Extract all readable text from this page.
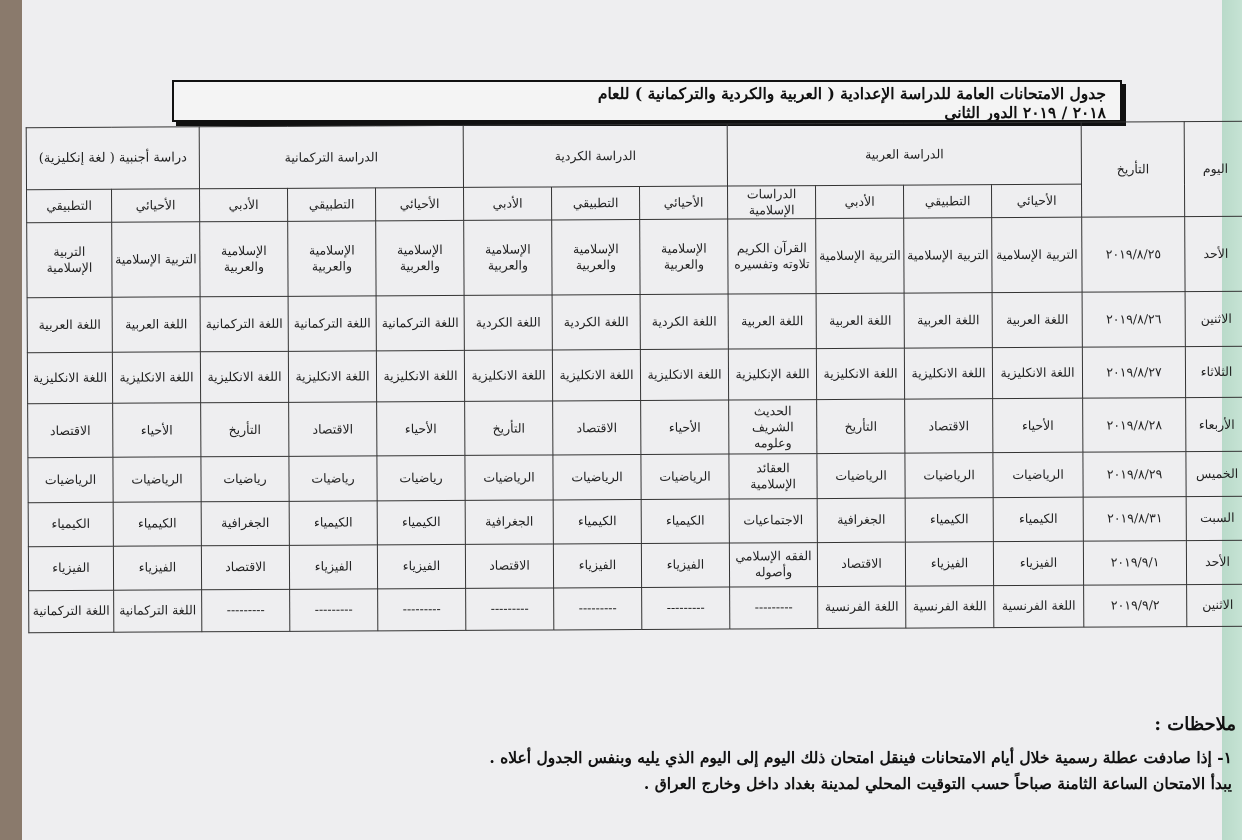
جدول الامتحانات العامة للدراسة الإعدادية ( العربية والكردية والتركمانية ) للعام
٢٠١٨ / ٢٠١٩ الدور الثاني
اليوم	التأريخ	الدراسة العربية				الدراسة الكردية			الدراسة التركمانية			دراسة أجنبية ( لغة إنكليزية)	
		الأحيائي	التطبيقي	الأدبي	الدراسات الإسلامية	الأحيائي	التطبيقي	الأدبي	الأحيائي	التطبيقي	الأدبي	الأحيائي	التطبيقي
الأحد	٢٠١٩/٨/٢٥	التربية الإسلامية	التربية الإسلامية	التربية الإسلامية	القرآن الكريم تلاوته وتفسيره	الإسلامية والعربية	الإسلامية والعربية	الإسلامية والعربية	الإسلامية والعربية	الإسلامية والعربية	الإسلامية والعربية	التربية الإسلامية	التربية الإسلامية
الاثنين	٢٠١٩/٨/٢٦	اللغة العربية	اللغة العربية	اللغة العربية	اللغة العربية	اللغة الكردية	اللغة الكردية	اللغة الكردية	اللغة التركمانية	اللغة التركمانية	اللغة التركمانية	اللغة العربية	اللغة العربية
الثلاثاء	٢٠١٩/٨/٢٧	اللغة الانكليزية	اللغة الانكليزية	اللغة الانكليزية	اللغة الإنكليزية	اللغة الانكليزية	اللغة الانكليزية	اللغة الانكليزية	اللغة الانكليزية	اللغة الانكليزية	اللغة الانكليزية	اللغة الانكليزية	اللغة الانكليزية
الأربعاء	٢٠١٩/٨/٢٨	الأحياء	الاقتصاد	التأريخ	الحديث الشريف وعلومه	الأحياء	الاقتصاد	التأريخ	الأحياء	الاقتصاد	التأريخ	الأحياء	الاقتصاد
الخميس	٢٠١٩/٨/٢٩	الرياضيات	الرياضيات	الرياضيات	العقائد الإسلامية	الرياضيات	الرياضيات	الرياضيات	رياضيات	رياضيات	رياضيات	الرياضيات	الرياضيات
السبت	٢٠١٩/٨/٣١	الكيمياء	الكيمياء	الجغرافية	الاجتماعيات	الكيمياء	الكيمياء	الجغرافية	الكيمياء	الكيمياء	الجغرافية	الكيمياء	الكيمياء
الأحد	٢٠١٩/٩/١	الفيزياء	الفيزياء	الاقتصاد	الفقه الإسلامي وأصوله	الفيزياء	الفيزياء	الاقتصاد	الفيزياء	الفيزياء	الاقتصاد	الفيزياء	الفيزياء
الاثنين	٢٠١٩/٩/٢	اللغة الفرنسية	اللغة الفرنسية	اللغة الفرنسية	---------	---------	---------	---------	---------	---------	---------	اللغة التركمانية	اللغة التركمانية
ملاحظات :
١- إذا صادفت عطلة رسمية خلال أيام الامتحانات فينقل امتحان ذلك اليوم إلى اليوم الذي يليه وبنفس الجدول أعلاه .
يبدأ الامتحان الساعة الثامنة صباحاً حسب التوقيت المحلي لمدينة بغداد داخل وخارج العراق .
